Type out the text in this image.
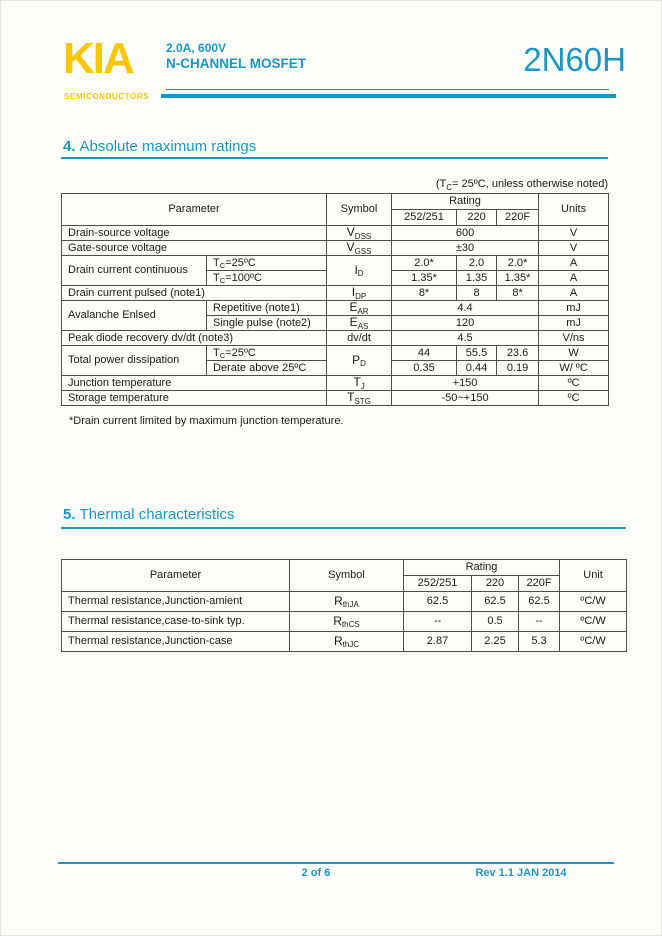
KIA
SEMICONDUCTORS
2.0A, 600V
N-CHANNEL MOSFET	2N60H
4. Absolute maximum ratings
($T_C=$ 25ºC, unless otherwise noted)
Parameter		Symbol	Rating			Units
			252/251	220	220F	
Drain-source voltage		$V_{DSS}$	600			V
Gate-source voltage		$V_{GSS}$	±30			V
Drain current continuous	TC=25ºC	$I_D$	2.0*	2.0	2.0*	A
	TC=100ºC		1.35*	1.35	1.35*	A
Drain current pulsed (note1)		$I_{DP}$	8*	8	8*	A
Avalanche Enlsed	Repetitive (note1)	$E_{AR}$	4.4			mJ
	Single pulse (note2)	$E_{AS}$	120			mJ
Peak diode recovery dv/dt (note3)		dv/dt	4.5			V/ns
Total power dissipation	TC=25ºC	$P_D$	44	55.5	23.6	W
	Derate above 25ºC		0.35	0.44	0.19	W/ ºC
Junction temperature		$T_J$	+150			ºC
Storage temperature		$T_{STG}$	-50~+150			ºC
*Drain current limited by maximum junction temperature.
5. Thermal characteristics
Parameter	Symbol	Rating			Unit
		252/251	220	220F	
Thermal resistance,Junction-amient	$R_{thJA}$	62.5	62.5	62.5	ºC/W
Thermal resistance,case-to-sink typ.	$R_{thCS}$	--	0.5	--	ºC/W
Thermal resistance,Junction-case	$R_{thJC}$	2.87	2.25	5.3	ºC/W
2 of 6	Rev 1.1 JAN 2014
